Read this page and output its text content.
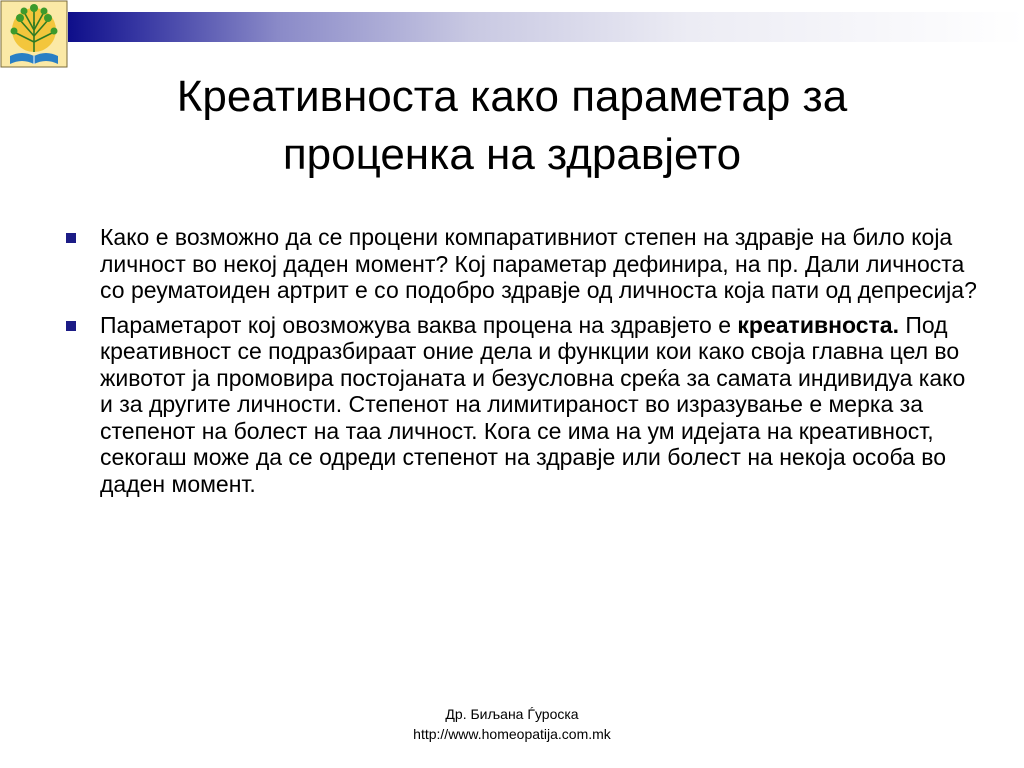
Креативноста како параметар за
проценка на здравјето
Како е возможно да се процени компаративниот степен на здравје на било која личност во некој даден момент? Кој параметар дефинира, на пр. Дали личноста со реуматоиден артрит е со подобро здравје од личноста која пати од депресија?
Параметарот кој овозможува ваква процена на здравјето е креативноста. Под креативност се подразбираат оние дела и функции кои како своја главна цел во животот ја промовира постојаната и безусловна среќа за самата индивидуа како и за другите личности. Степенот на лимитираност во изразување е мерка за степенот на болест на таа личност. Кога се има на ум идејата на креативност, секогаш може да се одреди степенот на здравје или болест на некоја особа во даден момент.
Др. Биљана Ѓуроска
http://www.homeopatija.com.mk
